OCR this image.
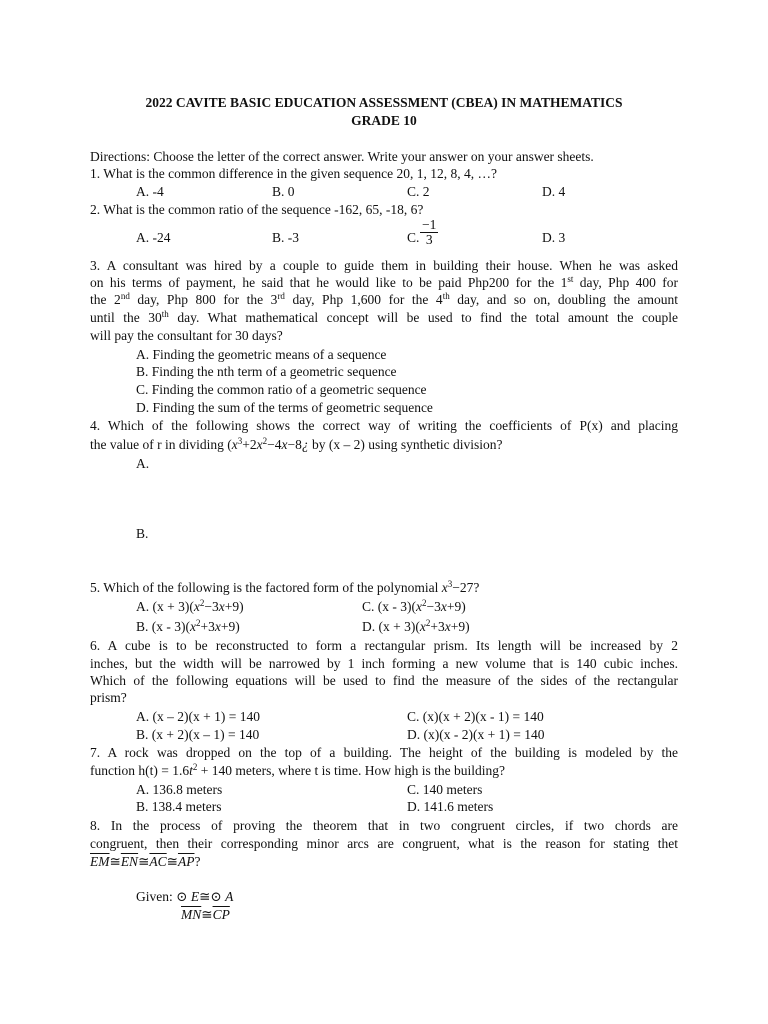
2022 CAVITE BASIC EDUCATION ASSESSMENT (CBEA) IN MATHEMATICS
GRADE 10
Directions: Choose the letter of the correct answer. Write your answer on your answer sheets.
1. What is the common difference in the given sequence 20, 1, 12, 8, 4, …?
A. -4	B. 0	C. 2	D. 4
2. What is the common ratio of the sequence -162, 65, -18, 6?
A. -24	B. -3	C. $\frac{-1}{3}$	D. 3
3. A consultant was hired by a couple to guide them in building their house. When he was asked
on his terms of payment, he said that he would like to be paid Php200 for the 1st day, Php 400 for
the 2nd day, Php 800 for the 3rd day, Php 1,600 for the 4th day, and so on, doubling the amount
until the 30th day. What mathematical concept will be used to find the total amount the couple
will pay the consultant for 30 days?
A. Finding the geometric means of a sequence
B. Finding the nth term of a geometric sequence
C. Finding the common ratio of a geometric sequence
D. Finding the sum of the terms of geometric sequence
4. Which of the following shows the correct way of writing the coefficients of P(x) and placing
the value of r in dividing ($x^3+2x^2-4x-8¿$ by (x – 2) using synthetic division?
A.
B.
5. Which of the following is the factored form of the polynomial $x^3-27$?
A. $(x + 3)(x^2-3x+9)$	C. $(x - 3)(x^2-3x+9)$
B. $(x - 3)(x^2+3x+9)$	D. $(x + 3)(x^2+3x+9)$
6. A cube is to be reconstructed to form a rectangular prism. Its length will be increased by 2
inches, but the width will be narrowed by 1 inch forming a new volume that is 140 cubic inches.
Which of the following equations will be used to find the measure of the sides of the rectangular
prism?
A. (x – 2)(x + 1) = 140	C. (x)(x + 2)(x - 1) = 140
B. (x + 2)(x – 1) = 140	D. (x)(x - 2)(x + 1) = 140
7. A rock was dropped on the top of a building. The height of the building is modeled by the
function $h(t) = 1.6t^2 + 140$ meters, where t is time. How high is the building?
A. 136.8 meters	C. 140 meters
B. 138.4 meters	D. 141.6 meters
8. In the process of proving the theorem that in two congruent circles, if two chords are
congruent, then their corresponding minor arcs are congruent, what is the reason for stating thet
$\overline{EM}≅\overline{EN}≅\overline{AC}≅\overline{AP}$?
Given: ⊙ E≅⊙ A
$\overline{MN}≅\overline{CP}$
